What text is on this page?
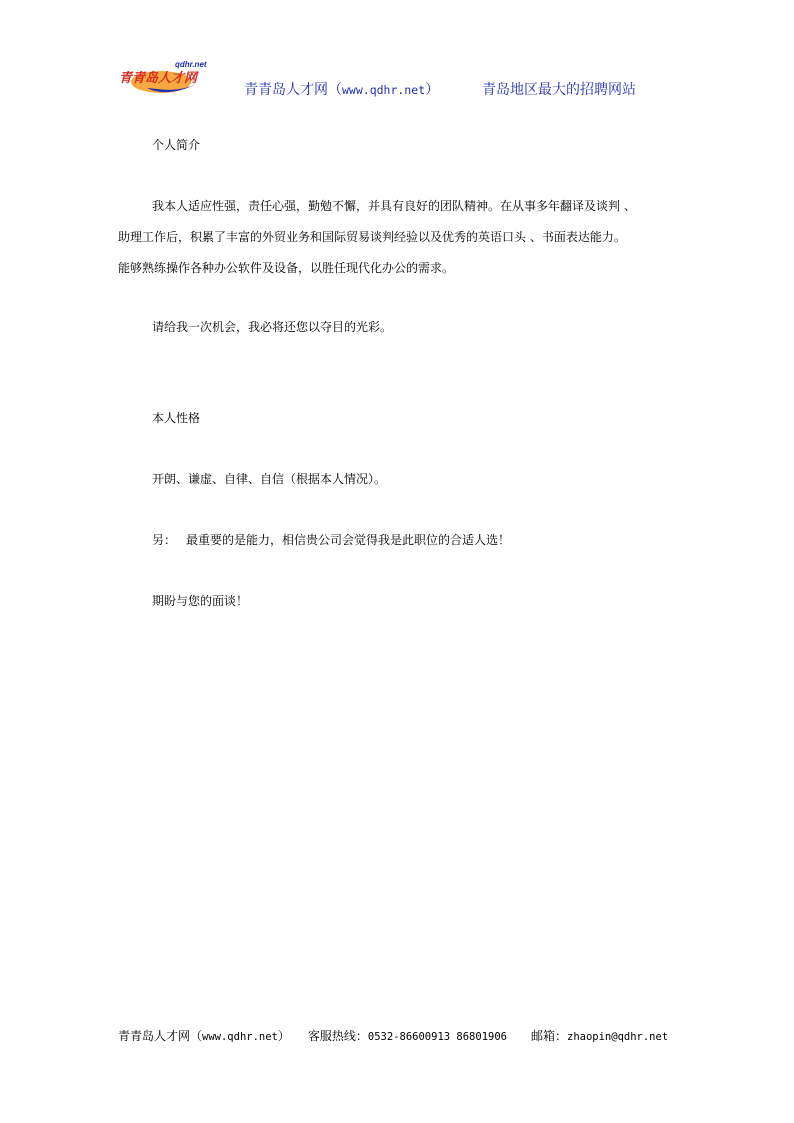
qdhr.net
青青岛人才网
青青岛人才网（www.qdhr.net）	青岛地区最大的招聘网站
个人简介
我本人适应性强，责任心强，勤勉不懈，并具有良好的团队精神。在从事多年翻译及谈判 、
助理工作后，积累了丰富的外贸业务和国际贸易谈判经验以及优秀的英语口头 、书面表达能力。
能够熟练操作各种办公软件及设备，以胜任现代化办公的需求。
请给我一次机会，我必将还您以夺目的光彩。
本人性格
开朗、谦虚、自律、自信（根据本人情况）。
另： 最重要的是能力，相信贵公司会觉得我是此职位的合适人选！
期盼与您的面谈！
青青岛人才网（www.qdhr.net） 客服热线：0532-86600913 86801906 邮箱：zhaopin@qdhr.net
